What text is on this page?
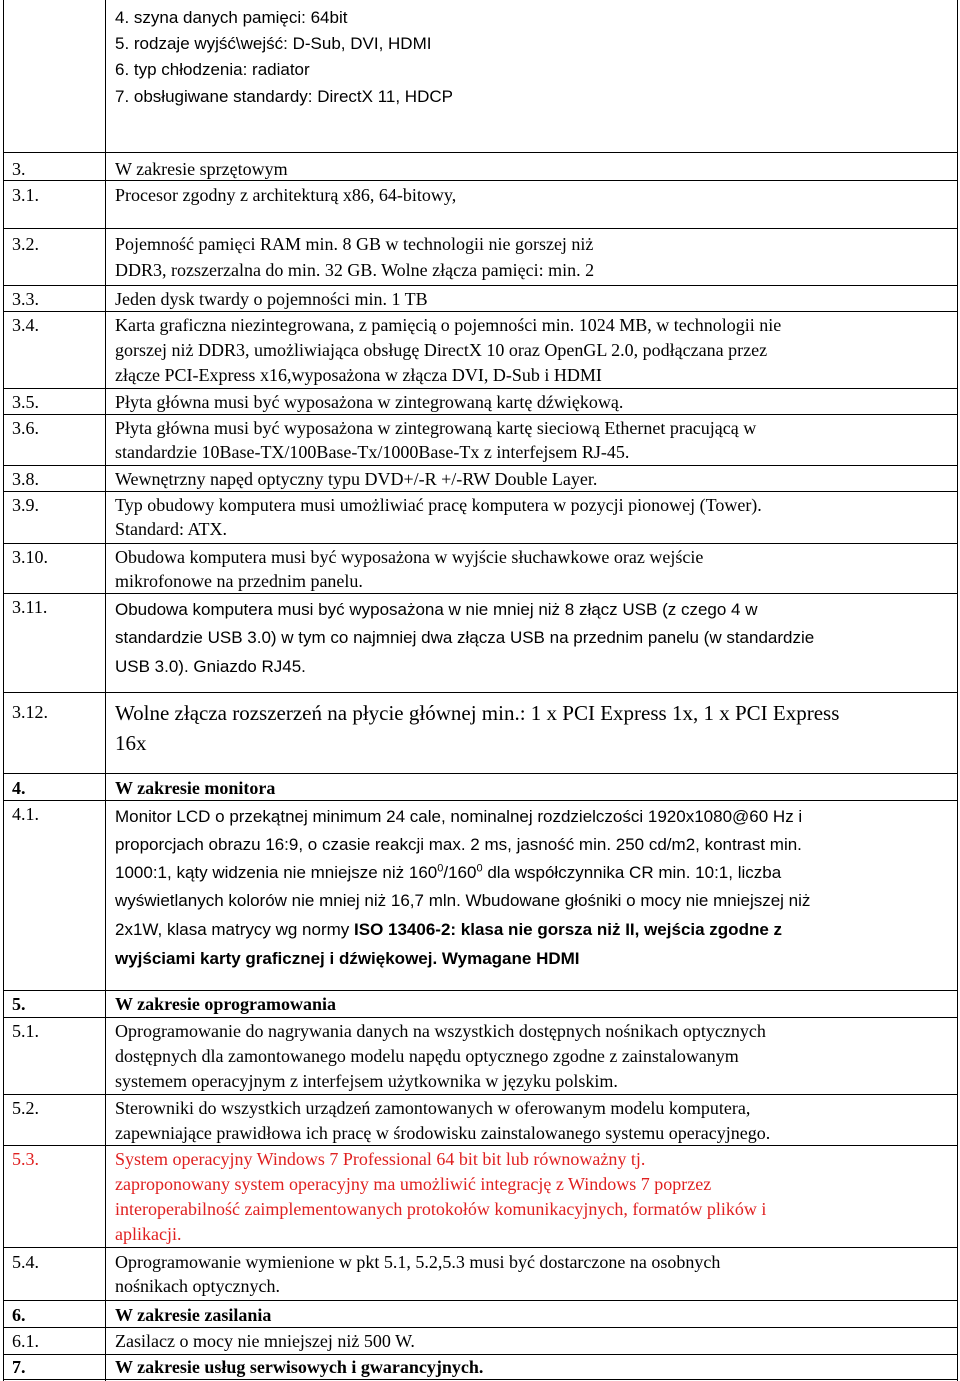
4. szyna danych pamięci: 64bit
5. rodzaje wyjść\wejść: D-Sub, DVI, HDMI
6. typ chłodzenia: radiator
7. obsługiwane standardy: DirectX 11, HDCP
3.	W zakresie sprzętowym
3.1.	Procesor zgodny z architekturą x86, 64-bitowy,
3.2.	Pojemność pamięci RAM min. 8 GB w technologii nie gorszej niż
DDR3, rozszerzalna do min. 32 GB. Wolne złącza pamięci: min. 2
3.3.	Jeden dysk twardy o pojemności min. 1 TB
3.4.	Karta graficzna niezintegrowana, z pamięcią o pojemności min. 1024 MB, w technologii nie
gorszej niż DDR3, umożliwiająca obsługę DirectX 10 oraz OpenGL 2.0, podłączana przez
złącze PCI-Express x16,wyposażona w złącza DVI, D-Sub i HDMI
3.5.	Płyta główna musi być wyposażona w zintegrowaną kartę dźwiękową.
3.6.	Płyta główna musi być wyposażona w zintegrowaną kartę sieciową Ethernet pracującą w
standardzie 10Base-TX/100Base-Tx/1000Base-Tx z interfejsem RJ-45.
3.8.	Wewnętrzny napęd optyczny typu DVD+/-R +/-RW Double Layer.
3.9.	Typ obudowy komputera musi umożliwiać pracę komputera w pozycji pionowej (Tower).
Standard: ATX.
3.10.	Obudowa komputera musi być wyposażona w wyjście słuchawkowe oraz wejście
mikrofonowe na przednim panelu.
3.11.	Obudowa komputera musi być wyposażona w nie mniej niż 8 złącz USB (z czego 4 w
standardzie USB 3.0) w tym co najmniej dwa złącza USB na przednim panelu (w standardzie
USB 3.0). Gniazdo RJ45.
3.12.	Wolne złącza rozszerzeń na płycie głównej min.: 1 x PCI Express 1x, 1 x PCI Express
16x
4.	W zakresie monitora
4.1.	Monitor LCD o przekątnej minimum 24 cale, nominalnej rozdzielczości 1920x1080@60 Hz i
proporcjach obrazu 16:9, o czasie reakcji max. 2 ms, jasność min. 250 cd/m2, kontrast min.
1000:1, kąty widzenia nie mniejsze niż $160^0/160^0$ dla współczynnika CR min. 10:1, liczba
wyświetlanych kolorów nie mniej niż 16,7 mln. Wbudowane głośniki o mocy nie mniejszej niż
2x1W, klasa matrycy wg normy ISO 13406-2: klasa nie gorsza niż II, wejścia zgodne z
wyjściami karty graficznej i dźwiękowej. Wymagane HDMI
5.	W zakresie oprogramowania
5.1.	Oprogramowanie do nagrywania danych na wszystkich dostępnych nośnikach optycznych
dostępnych dla zamontowanego modelu napędu optycznego zgodne z zainstalowanym
systemem operacyjnym z interfejsem użytkownika w języku polskim.
5.2.	Sterowniki do wszystkich urządzeń zamontowanych w oferowanym modelu komputera,
zapewniające prawidłowa ich pracę w środowisku zainstalowanego systemu operacyjnego.
5.3.	System operacyjny Windows 7 Professional 64 bit bit lub równoważny tj.
zaproponowany system operacyjny ma umożliwić integrację z Windows 7 poprzez
interoperabilność zaimplementowanych protokołów komunikacyjnych, formatów plików i
aplikacji.
5.4.	Oprogramowanie wymienione w pkt 5.1, 5.2,5.3 musi być dostarczone na osobnych
nośnikach optycznych.
6.	W zakresie zasilania
6.1.	Zasilacz o mocy nie mniejszej niż 500 W.
7.	W zakresie usług serwisowych i gwarancyjnych.
